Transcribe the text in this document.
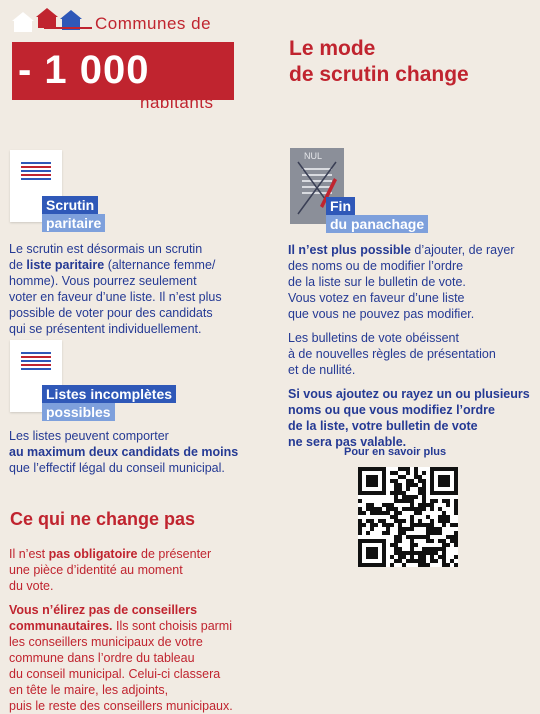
Communes de
- 1 000
habitants
Le mode
de scrutin change
Scrutin
paritaire
Le scrutin est désormais un scrutin
de liste paritaire (alternance femme/
homme). Vous pourrez seulement
voter en faveur d’une liste. Il n’est plus
possible de voter pour des candidats
qui se présentent individuellement.
Listes incomplètes
possibles
Les listes peuvent comporter
au maximum deux candidats de moins
que l’effectif légal du conseil municipal.
Ce qui ne change pas
Il n’est pas obligatoire de présenter
une pièce d’identité au moment
du vote.
Vous n’élirez pas de conseillers
communautaires. Ils sont choisis parmi
les conseillers municipaux de votre
commune dans l’ordre du tableau
du conseil municipal. Celui-ci classera
en tête le maire, les adjoints,
puis le reste des conseillers municipaux.
NUL
Fin
du panachage
Il n’est plus possible d’ajouter, de rayer
des noms ou de modifier l’ordre
de la liste sur le bulletin de vote.
Vous votez en faveur d’une liste
que vous ne pouvez pas modifier.
Les bulletins de vote obéissent
à de nouvelles règles de présentation
et de nullité.
Si vous ajoutez ou rayez un ou plusieurs
noms ou que vous modifiez l’ordre
de la liste, votre bulletin de vote
ne sera pas valable.
Pour en savoir plus
